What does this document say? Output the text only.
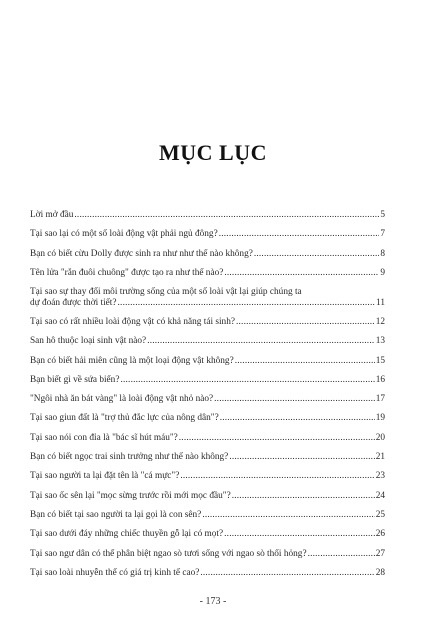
MỤC LỤC
Lời mở đầu .....	5
Tại sao lại có một số loài động vật phải ngủ đông? .....	7
Bạn có biết cừu Dolly được sinh ra như như thế nào không? .....	8
Tên lửa "rắn đuôi chuông" được tạo ra như thế nào? .....	9
Tại sao sự thay đổi môi trường sống của một số loài vật lại giúp chúng ta
dự đoán được thời tiết? .....	11
Tại sao có rất nhiều loài động vật có khả năng tái sinh? .....	12
San hô thuộc loại sinh vật nào? .....	13
Bạn có biết hải miên cũng là một loại động vật không? .....	15
Bạn biết gì về sứa biển? .....	16
"Ngôi nhà ăn bát vàng" là loài động vật nhỏ nào? .....	17
Tại sao giun đất là "trợ thủ đắc lực của nông dân"? .....	19
Tại sao nói con đỉa là "bác sĩ hút máu"? .....	20
Bạn có biết ngọc trai sinh trưởng như thế nào không? .....	21
Tại sao người ta lại đặt tên là "cá mực"? .....	23
Tại sao ốc sên lại "mọc sừng trước rồi mới mọc đầu"? .....	24
Bạn có biết tại sao người ta lại gọi là con sên? .....	25
Tại sao dưới đáy những chiếc thuyền gỗ lại có mọt? .....	26
Tại sao ngư dân có thể phân biệt ngao sò tươi sống với ngao sò thối hỏng? .....	27
Tại sao loài nhuyễn thể có giá trị kinh tế cao? .....	28
- 173 -
